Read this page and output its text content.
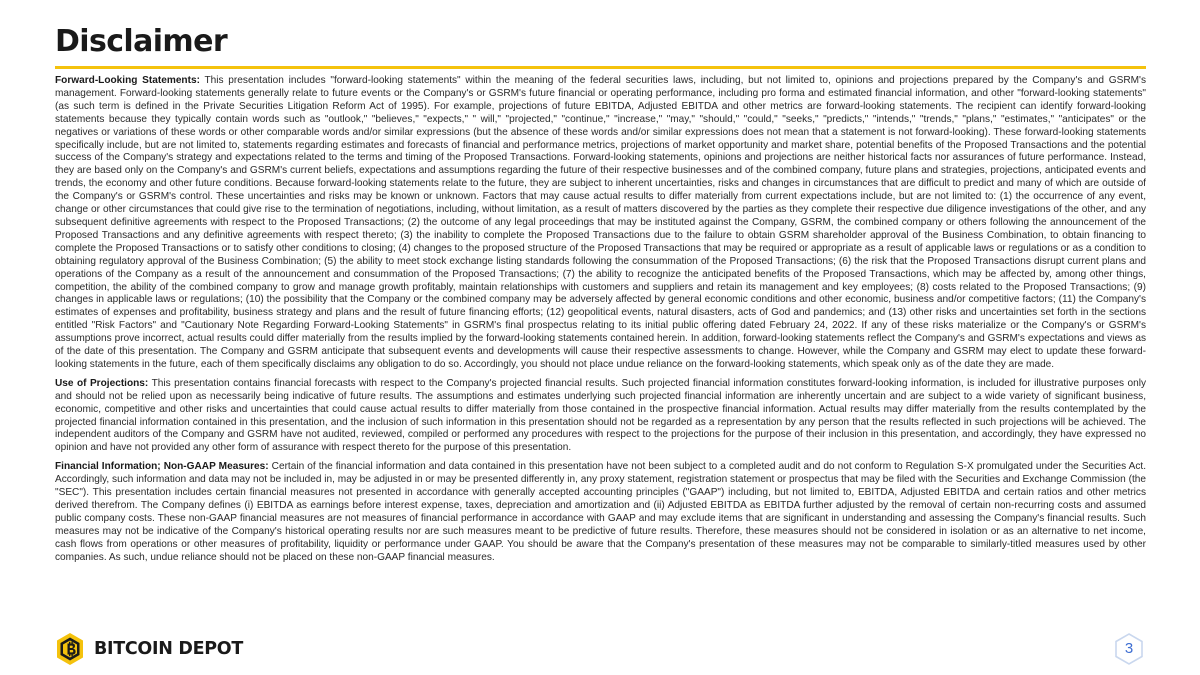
Disclaimer

Forward-Looking Statements: This presentation includes "forward-looking statements" within the meaning of the federal securities laws, including, but not limited to, opinions and projections prepared by the Company's and GSRM's management. Forward-looking statements generally relate to future events or the Company's or GSRM's future financial or operating performance, including pro forma and estimated financial information, and other "forward-looking statements" (as such term is defined in the Private Securities Litigation Reform Act of 1995). For example, projections of future EBITDA, Adjusted EBITDA and other metrics are forward-looking statements. The recipient can identify forward-looking statements because they typically contain words such as "outlook," "believes," "expects," " will," "projected," "continue," "increase," "may," "should," "could," "seeks," "predicts," "intends," "trends," "plans," "estimates," "anticipates" or the negatives or variations of these words or other comparable words and/or similar expressions (but the absence of these words and/or similar expressions does not mean that a statement is not forward-looking). These forward-looking statements specifically include, but are not limited to, statements regarding estimates and forecasts of financial and performance metrics, projections of market opportunity and market share, potential benefits of the Proposed Transactions and the potential success of the Company's strategy and expectations related to the terms and timing of the Proposed Transactions. Forward-looking statements, opinions and projections are neither historical facts nor assurances of future performance. Instead, they are based only on the Company's and GSRM's current beliefs, expectations and assumptions regarding the future of their respective businesses and of the combined company, future plans and strategies, projections, anticipated events and trends, the economy and other future conditions. Because forward-looking statements relate to the future, they are subject to inherent uncertainties, risks and changes in circumstances that are difficult to predict and many of which are outside of the Company's or GSRM's control. These uncertainties and risks may be known or unknown. Factors that may cause actual results to differ materially from current expectations include, but are not limited to: (1) the occurrence of any event, change or other circumstances that could give rise to the termination of negotiations, including, without limitation, as a result of matters discovered by the parties as they complete their respective due diligence investigations of the other, and any subsequent definitive agreements with respect to the Proposed Transactions; (2) the outcome of any legal proceedings that may be instituted against the Company, GSRM, the combined company or others following the announcement of the Proposed Transactions and any definitive agreements with respect thereto; (3) the inability to complete the Proposed Transactions due to the failure to obtain GSRM shareholder approval of the Business Combination, to obtain financing to complete the Proposed Transactions or to satisfy other conditions to closing; (4) changes to the proposed structure of the Proposed Transactions that may be required or appropriate as a result of applicable laws or regulations or as a condition to obtaining regulatory approval of the Business Combination; (5) the ability to meet stock exchange listing standards following the consummation of the Proposed Transactions; (6) the risk that the Proposed Transactions disrupt current plans and operations of the Company as a result of the announcement and consummation of the Proposed Transactions; (7) the ability to recognize the anticipated benefits of the Proposed Transactions, which may be affected by, among other things, competition, the ability of the combined company to grow and manage growth profitably, maintain relationships with customers and suppliers and retain its management and key employees; (8) costs related to the Proposed Transactions; (9) changes in applicable laws or regulations; (10) the possibility that the Company or the combined company may be adversely affected by general economic conditions and other economic, business and/or competitive factors; (11) the Company's estimates of expenses and profitability, business strategy and plans and the result of future financing efforts; (12) geopolitical events, natural disasters, acts of God and pandemics; and (13) other risks and uncertainties set forth in the sections entitled "Risk Factors" and "Cautionary Note Regarding Forward-Looking Statements" in GSRM's final prospectus relating to its initial public offering dated February 24, 2022. If any of these risks materialize or the Company's or GSRM's assumptions prove incorrect, actual results could differ materially from the results implied by the forward-looking statements contained herein. In addition, forward-looking statements reflect the Company's and GSRM's expectations and views as of the date of this presentation. The Company and GSRM anticipate that subsequent events and developments will cause their respective assessments to change. However, while the Company and GSRM may elect to update these forward-looking statements in the future, each of them specifically disclaims any obligation to do so. Accordingly, you should not place undue reliance on the forward-looking statements, which speak only as of the date they are made.

Use of Projections: This presentation contains financial forecasts with respect to the Company's projected financial results. Such projected financial information constitutes forward-looking information, is included for illustrative purposes only and should not be relied upon as necessarily being indicative of future results. The assumptions and estimates underlying such projected financial information are inherently uncertain and are subject to a wide variety of significant business, economic, competitive and other risks and uncertainties that could cause actual results to differ materially from those contained in the prospective financial information. Actual results may differ materially from the results contemplated by the projected financial information contained in this presentation, and the inclusion of such information in this presentation should not be regarded as a representation by any person that the results reflected in such projections will be achieved. The independent auditors of the Company and GSRM have not audited, reviewed, compiled or performed any procedures with respect to the projections for the purpose of their inclusion in this presentation, and accordingly, they have expressed no opinion and have not provided any other form of assurance with respect thereto for the purpose of this presentation.

Financial Information; Non-GAAP Measures: Certain of the financial information and data contained in this presentation have not been subject to a completed audit and do not conform to Regulation S-X promulgated under the Securities Act. Accordingly, such information and data may not be included in, may be adjusted in or may be presented differently in, any proxy statement, registration statement or prospectus that may be filed with the Securities and Exchange Commission (the "SEC"). This presentation includes certain financial measures not presented in accordance with generally accepted accounting principles ("GAAP") including, but not limited to, EBITDA, Adjusted EBITDA and certain ratios and other metrics derived therefrom. The Company defines (i) EBITDA as earnings before interest expense, taxes, depreciation and amortization and (ii) Adjusted EBITDA as EBITDA further adjusted by the removal of certain non-recurring costs and assumed public company costs. These non-GAAP financial measures are not measures of financial performance in accordance with GAAP and may exclude items that are significant in understanding and assessing the Company's financial results. Such measures may not be indicative of the Company's historical operating results nor are such measures meant to be predictive of future results. Therefore, these measures should not be considered in isolation or as an alternative to net income, cash flows from operations or other measures of profitability, liquidity or performance under GAAP. You should be aware that the Company's presentation of these measures may not be comparable to similarly-titled measures used by other companies. As such, undue reliance should not be placed on these non-GAAP financial measures.

BITCOIN DEPOT	3
